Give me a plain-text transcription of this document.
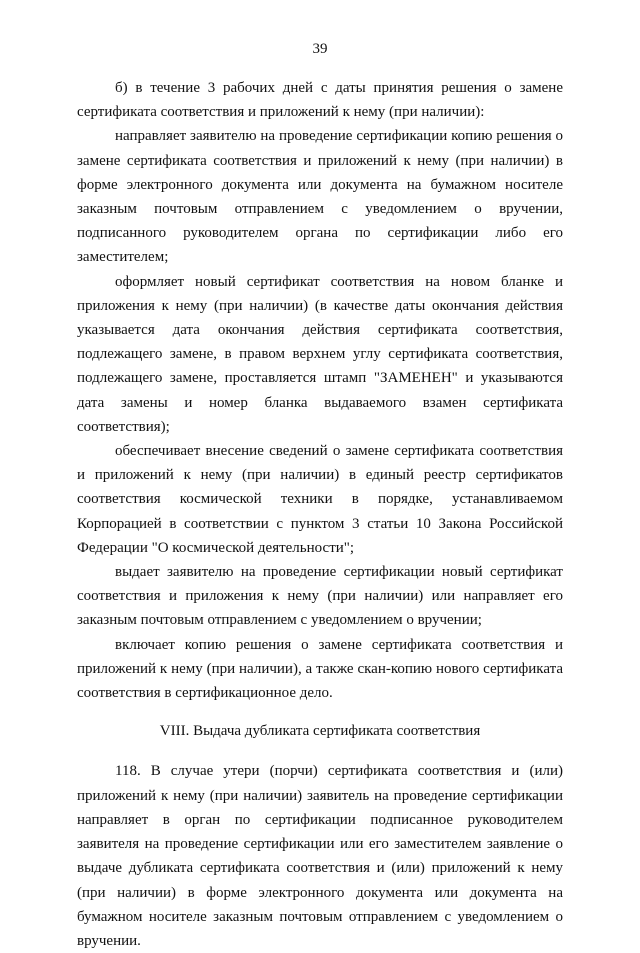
39

б) в течение 3 рабочих дней с даты принятия решения о замене сертификата соответствия и приложений к нему (при наличии):

направляет заявителю на проведение сертификации копию решения о замене сертификата соответствия и приложений к нему (при наличии) в форме электронного документа или документа на бумажном носителе заказным почтовым отправлением с уведомлением о вручении, подписанного руководителем органа по сертификации либо его заместителем;

оформляет новый сертификат соответствия на новом бланке и приложения к нему (при наличии) (в качестве даты окончания действия указывается дата окончания действия сертификата соответствия, подлежащего замене, в правом верхнем углу сертификата соответствия, подлежащего замене, проставляется штамп "ЗАМЕНЕН" и указываются дата замены и номер бланка выдаваемого взамен сертификата соответствия);

обеспечивает внесение сведений о замене сертификата соответствия и приложений к нему (при наличии) в единый реестр сертификатов соответствия космической техники в порядке, устанавливаемом Корпорацией в соответствии с пунктом 3 статьи 10 Закона Российской Федерации "О космической деятельности";

выдает заявителю на проведение сертификации новый сертификат соответствия и приложения к нему (при наличии) или направляет его заказным почтовым отправлением с уведомлением о вручении;

включает копию решения о замене сертификата соответствия и приложений к нему (при наличии), а также скан-копию нового сертификата соответствия в сертификационное дело.

VIII. Выдача дубликата сертификата соответствия

118. В случае утери (порчи) сертификата соответствия и (или) приложений к нему (при наличии) заявитель на проведение сертификации направляет в орган по сертификации подписанное руководителем заявителя на проведение сертификации или его заместителем заявление о выдаче дубликата сертификата соответствия и (или) приложений к нему (при наличии) в форме электронного документа или документа на бумажном носителе заказным почтовым отправлением с уведомлением о вручении.
